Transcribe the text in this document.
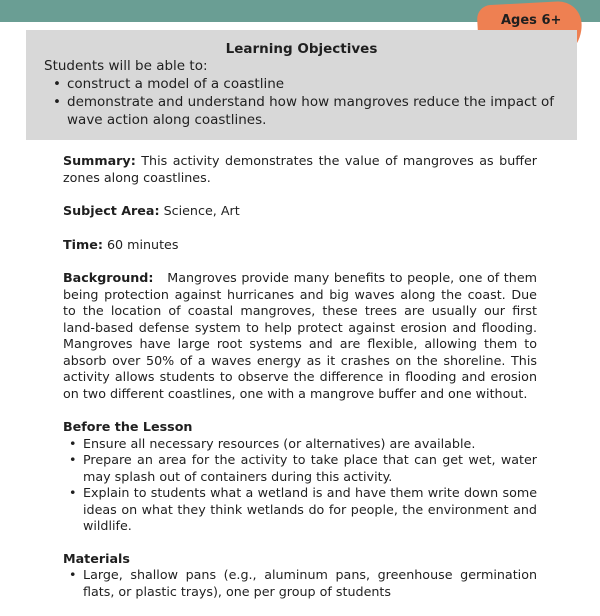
Ages 6+
Learning Objectives
Students will be able to:
• construct a model of a coastline
• demonstrate and understand how how mangroves reduce the impact of wave action along coastlines.

Summary: This activity demonstrates the value of mangroves as buffer zones along coastlines.

Subject Area: Science, Art

Time: 60 minutes

Background:   Mangroves provide many benefits to people, one of them being protection against hurricanes and big waves along the coast. Due to the location of coastal mangroves, these trees are usually our first land-based defense system to help protect against erosion and flooding. Mangroves have large root systems and are flexible, allowing them to absorb over 50% of a waves energy as it crashes on the shoreline. This activity allows students to observe the difference in flooding and erosion on two different coastlines, one with a mangrove buffer and one without.

Before the Lesson

• Ensure all necessary resources (or alternatives) are available.
• Prepare an area for the activity to take place that can get wet, water may splash out of containers during this activity.
• Explain to students what a wetland is and have them write down some ideas on what they think wetlands do for people, the environment and wildlife.

Materials

• Large, shallow pans (e.g., aluminum pans, greenhouse germination flats, or plastic trays), one per group of students
